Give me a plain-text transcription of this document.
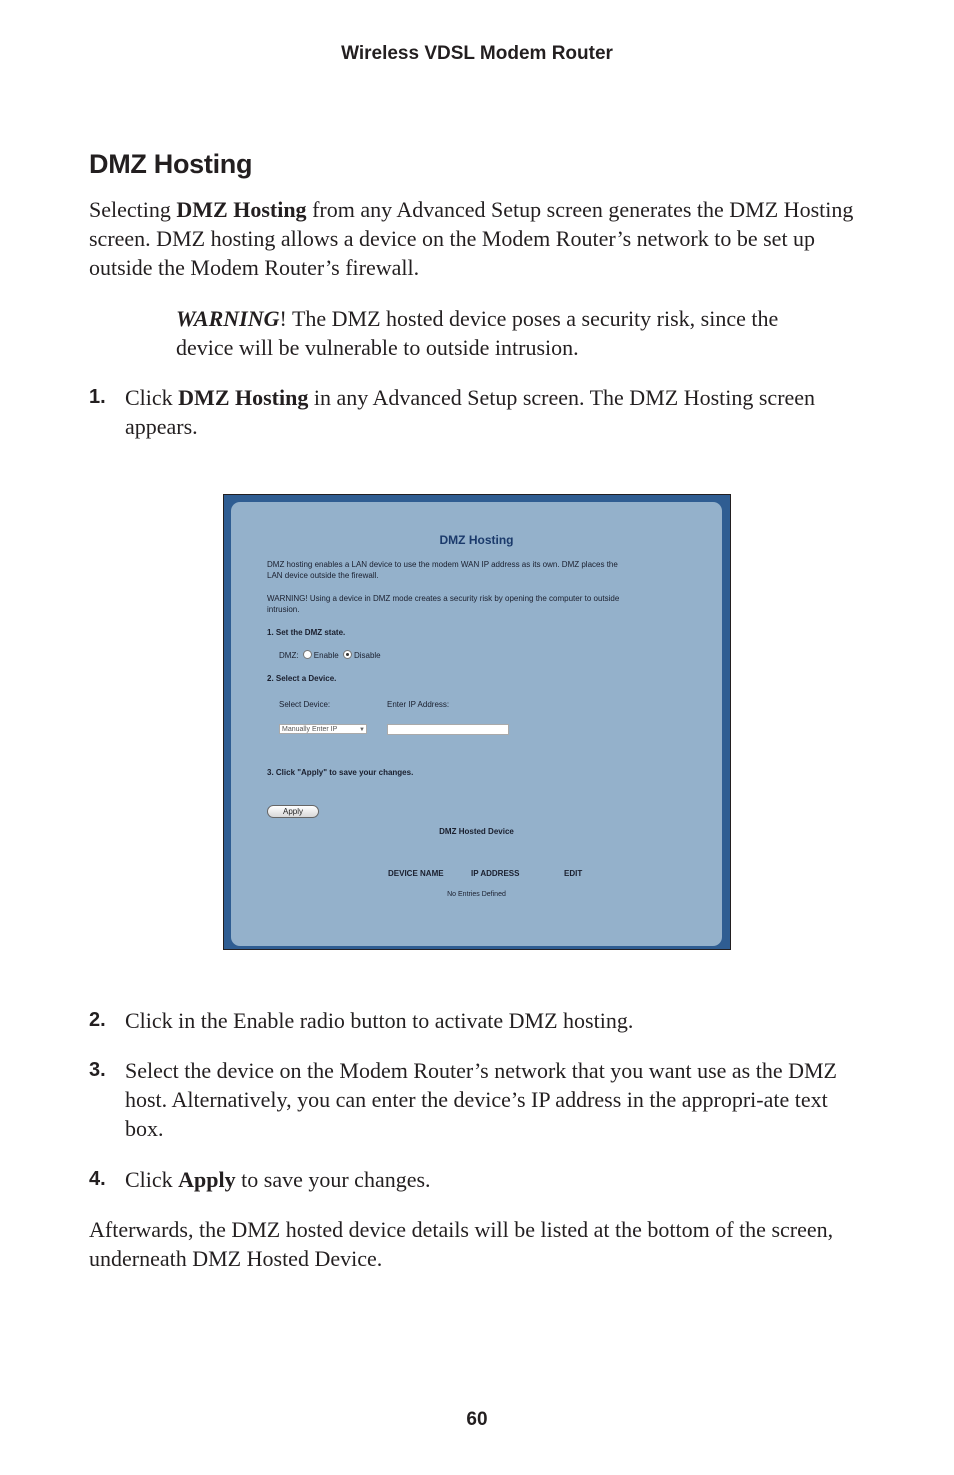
Wireless VDSL Modem Router
DMZ Hosting
Selecting DMZ Hosting from any Advanced Setup screen generates the DMZ Hosting screen. DMZ hosting allows a device on the Modem Router’s network to be set up outside the Modem Router’s firewall.
WARNING! The DMZ hosted device poses a security risk, since the device will be vulnerable to outside intrusion.
1. Click DMZ Hosting in any Advanced Setup screen. The DMZ Hosting screen appears.
DMZ Hosting
DMZ hosting enables a LAN device to use the modem WAN IP address as its own. DMZ places the
LAN device outside the firewall.
WARNING! Using a device in DMZ mode creates a security risk by opening the computer to outside
intrusion.
1. Set the DMZ state.
DMZ: Enable Disable
2. Select a Device.
Select Device:	Enter IP Address:
Manually Enter IP	▼
3. Click "Apply" to save your changes.
Apply
DMZ Hosted Device
DEVICE NAME	IP ADDRESS	EDIT
No Entries Defined
2. Click in the Enable radio button to activate DMZ hosting.
3. Select the device on the Modem Router’s network that you want use as the DMZ host. Alternatively, you can enter the device’s IP address in the appropri-ate text box.
4. Click Apply to save your changes.
Afterwards, the DMZ hosted device details will be listed at the bottom of the screen, underneath DMZ Hosted Device.
60
